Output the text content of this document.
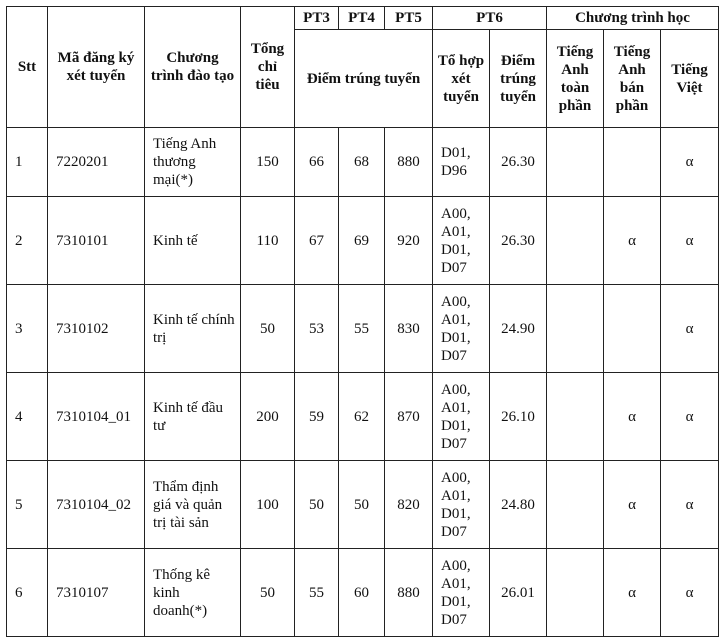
Stt	Mã đăng ký xét tuyển	Chương trình đào tạo	Tổng chỉ tiêu	PT3	PT4	PT5	PT6		Chương trình học		
				Điểm trúng tuyển			Tổ hợp xét tuyển	Điểm trúng tuyển	Tiếng Anh toàn phần	Tiếng Anh bán phần	Tiếng Việt
1	7220201	Tiếng Anh thương mại(*)	150	66	68	880	D01, D96	26.30			α
2	7310101	Kinh tế	110	67	69	920	A00, A01, D01, D07	26.30		α	α
3	7310102	Kinh tế chính trị	50	53	55	830	A00, A01, D01, D07	24.90			α
4	7310104_01	Kinh tế đầu tư	200	59	62	870	A00, A01, D01, D07	26.10		α	α
5	7310104_02	Thẩm định giá và quản trị tài sản	100	50	50	820	A00, A01, D01, D07	24.80		α	α
6	7310107	Thống kê kinh doanh(*)	50	55	60	880	A00, A01, D01, D07	26.01		α	α
